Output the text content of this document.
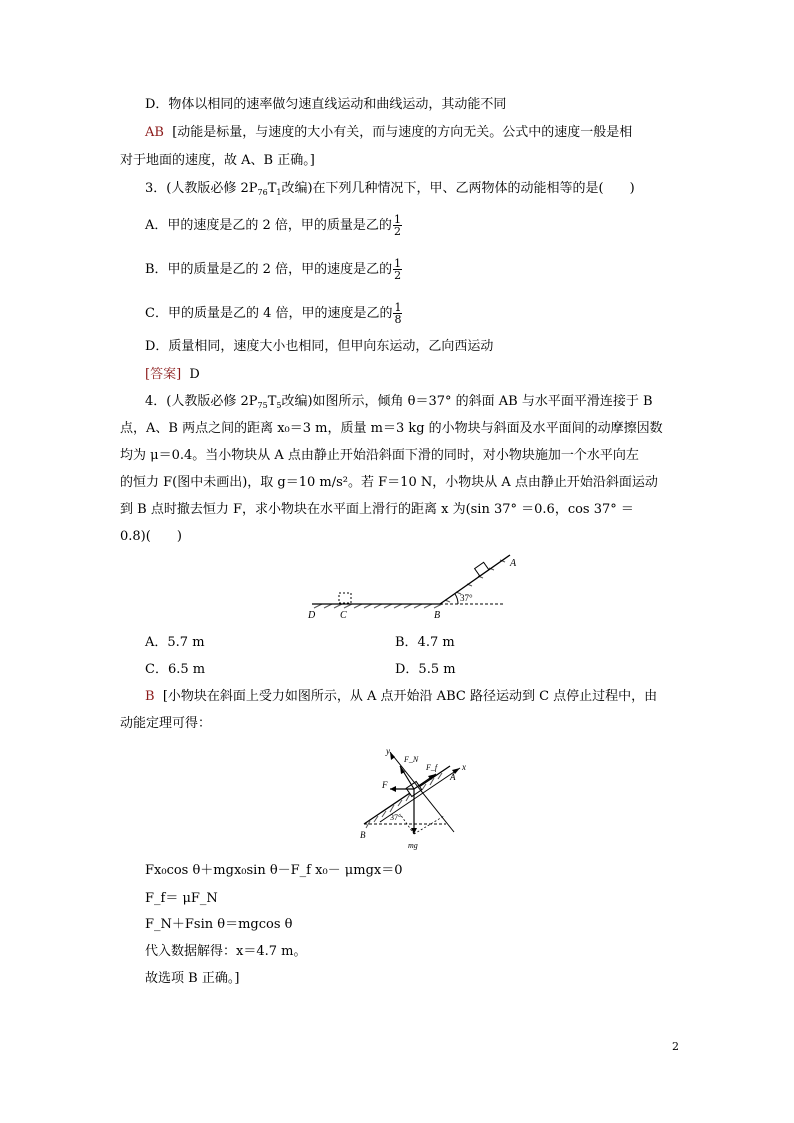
D．物体以相同的速率做匀速直线运动和曲线运动，其动能不同
AB [动能是标量，与速度的大小有关，而与速度的方向无关。公式中的速度一般是相
对于地面的速度，故 A、B 正确。]
3．(人教版必修 $2P_{76}T_1$改编)在下列几种情况下，甲、乙两物体的动能相等的是(　　)
A．甲的速度是乙的 2 倍，甲的质量是乙的 $\frac{1}{2}$
B．甲的质量是乙的 2 倍，甲的速度是乙的 $\frac{1}{2}$
C．甲的质量是乙的 4 倍，甲的速度是乙的 $\frac{1}{8}$
D．质量相同，速度大小也相同，但甲向东运动，乙向西运动
[答案] D
4．(人教版必修 $2P_{75}T_5$改编)如图所示，倾角 θ＝37° 的斜面 AB 与水平面平滑连接于 B
点，A、B 两点之间的距离 x₀＝3 m，质量 m＝3 kg 的小物块与斜面及水平面间的动摩擦因数
均为 μ＝0.4。当小物块从 A 点由静止开始沿斜面下滑的同时，对小物块施加一个水平向左
的恒力 F(图中未画出)，取 g＝10 m/s²。若 F＝10 N，小物块从 A 点由静止开始沿斜面运动
到 B 点时撤去恒力 F，求小物块在水平面上滑行的距离 x 为(sin 37° ＝0.6，cos 37° ＝
0.8)(　　)
D C	B
A
37°
A．5.7 m	B．4.7 m
C．6.5 m	D．5.5 m
B [小物块在斜面上受力如图所示，从 A 点开始沿 ABC 路径运动到 C 点停止过程中，由
动能定理可得：
y
x
F_N
F_f
F
A
B
mg
37°
Fx₀cos θ＋mgx₀sin θ－F_f x₀－ μmgx＝0
F_f＝ μF_N
F_N＋Fsin θ＝mgcos θ
代入数据解得：x＝4.7 m。
故选项 B 正确。]
2
